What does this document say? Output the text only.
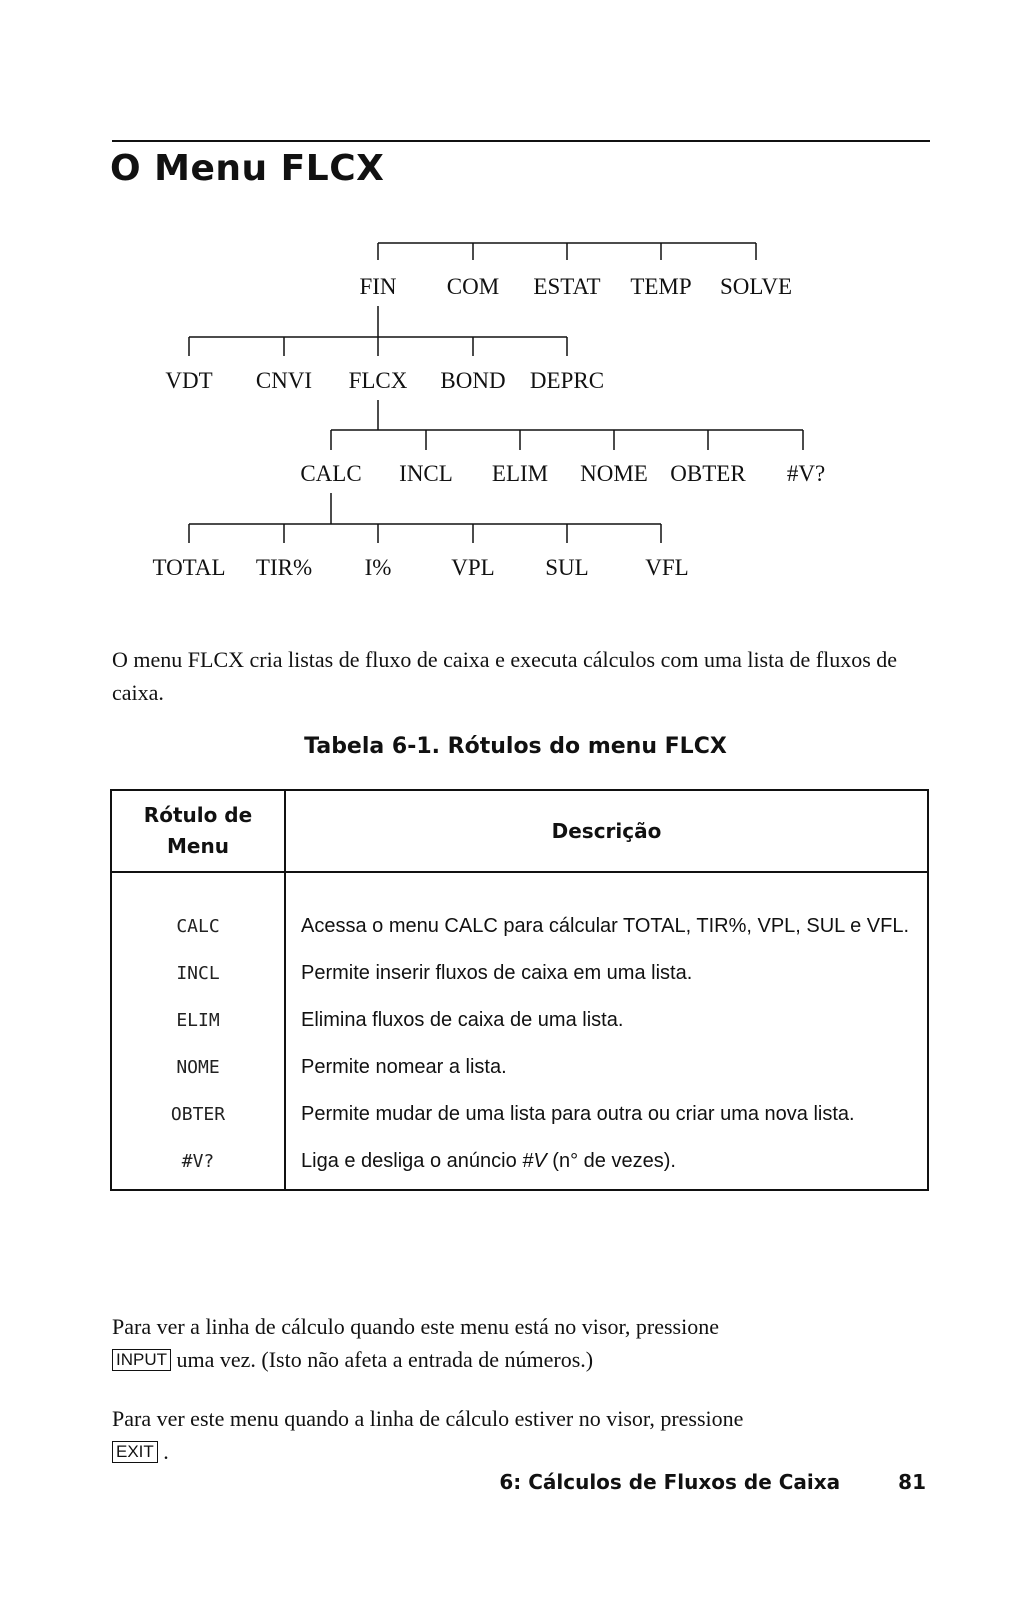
O Menu FLCX
FIN COM ESTAT TEMP SOLVE
VDT CNVI FLCX BOND DEPRC
CALC INCL ELIM NOME OBTER #V?
TOTAL TIR% I%	VPL SUL VFL

O menu FLCX cria listas de fluxo de caixa e executa cálculos com uma lista de fluxos de caixa.

Tabela 6-1. Rótulos do menu FLCX

Rótulo de
Menu	Descrição
CALC	Acessa o menu CALC para cálcular TOTAL, TIR%, VPL, SUL e VFL.
INCL	Permite inserir fluxos de caixa em uma lista.
ELIM	Elimina fluxos de caixa de uma lista.
NOME	Permite nomear a lista.
OBTER	Permite mudar de uma lista para outra ou criar uma nova lista.
#V?	Liga e desliga o anúncio #V (n° de vezes).

Para ver a linha de cálculo quando este menu está no visor, pressione
INPUT uma vez. (Isto não afeta a entrada de números.)

Para ver este menu quando a linha de cálculo estiver no visor, pressione
EXIT .

6: Cálculos de Fluxos de Caixa	81
